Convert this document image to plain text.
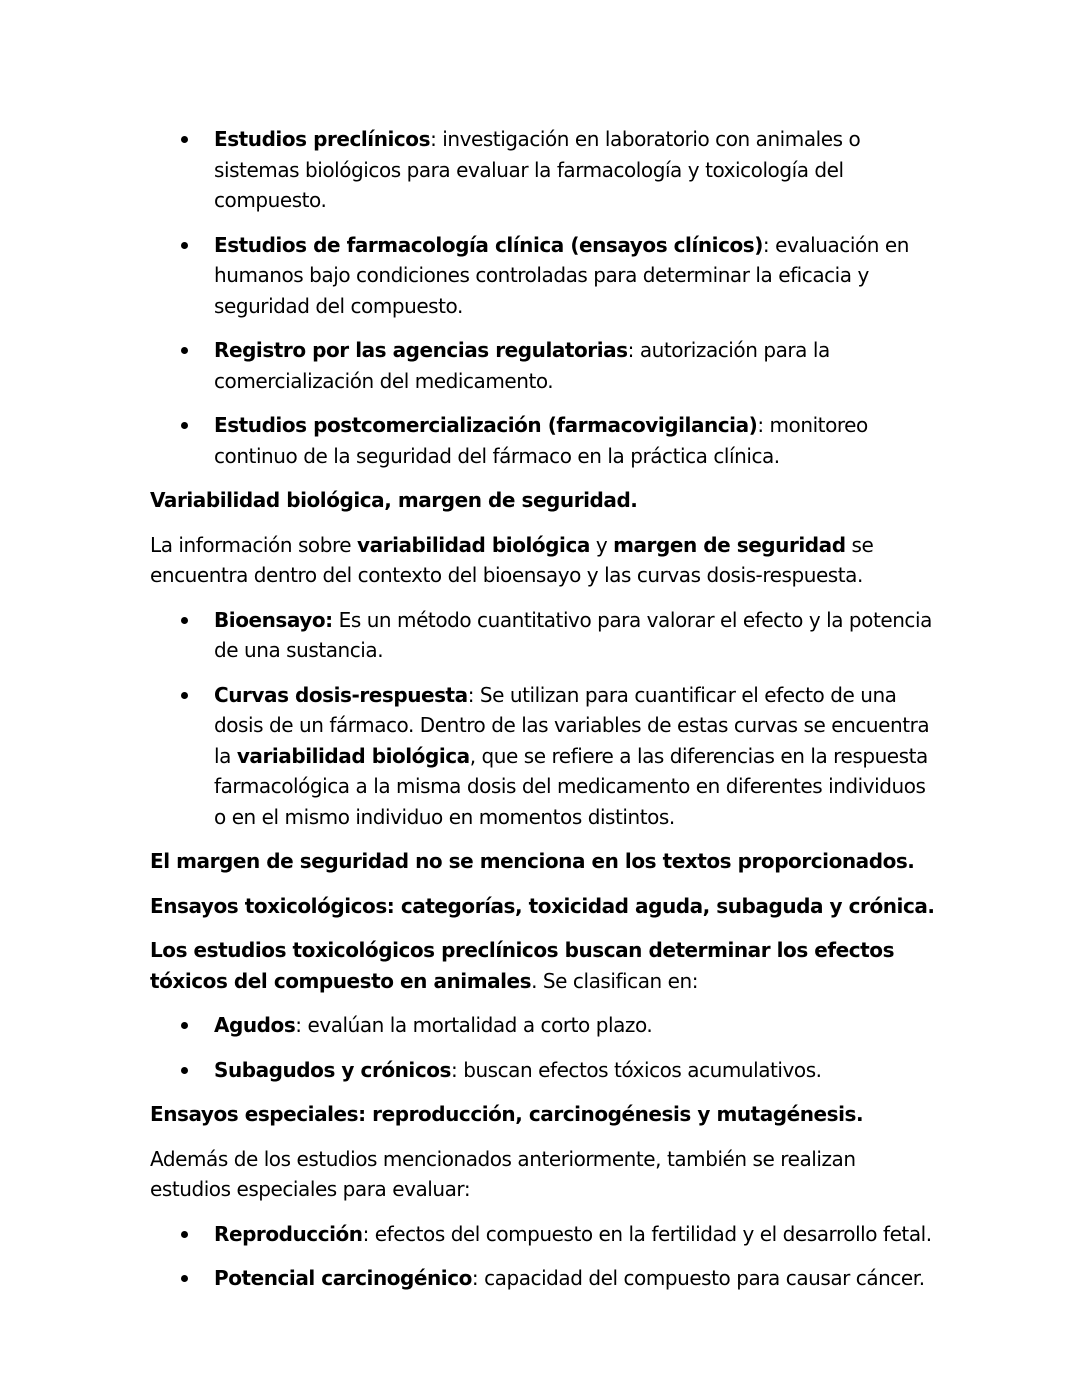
Estudios preclínicos: investigación en laboratorio con animales o sistemas biológicos para evaluar la farmacología y toxicología del compuesto.
Estudios de farmacología clínica (ensayos clínicos): evaluación en humanos bajo condiciones controladas para determinar la eficacia y seguridad del compuesto.
Registro por las agencias regulatorias: autorización para la comercialización del medicamento.
Estudios postcomercialización (farmacovigilancia): monitoreo continuo de la seguridad del fármaco en la práctica clínica.

Variabilidad biológica, margen de seguridad.

La información sobre variabilidad biológica y margen de seguridad se encuentra dentro del contexto del bioensayo y las curvas dosis-respuesta.

Bioensayo: Es un método cuantitativo para valorar el efecto y la potencia de una sustancia.
Curvas dosis-respuesta: Se utilizan para cuantificar el efecto de una dosis de un fármaco. Dentro de las variables de estas curvas se encuentra la variabilidad biológica, que se refiere a las diferencias en la respuesta farmacológica a la misma dosis del medicamento en diferentes individuos o en el mismo individuo en momentos distintos.

El margen de seguridad no se menciona en los textos proporcionados.

Ensayos toxicológicos: categorías, toxicidad aguda, subaguda y crónica.

Los estudios toxicológicos preclínicos buscan determinar los efectos tóxicos del compuesto en animales. Se clasifican en:

Agudos: evalúan la mortalidad a corto plazo.
Subagudos y crónicos: buscan efectos tóxicos acumulativos.

Ensayos especiales: reproducción, carcinogénesis y mutagénesis.

Además de los estudios mencionados anteriormente, también se realizan estudios especiales para evaluar:

Reproducción: efectos del compuesto en la fertilidad y el desarrollo fetal.
Potencial carcinogénico: capacidad del compuesto para causar cáncer.
